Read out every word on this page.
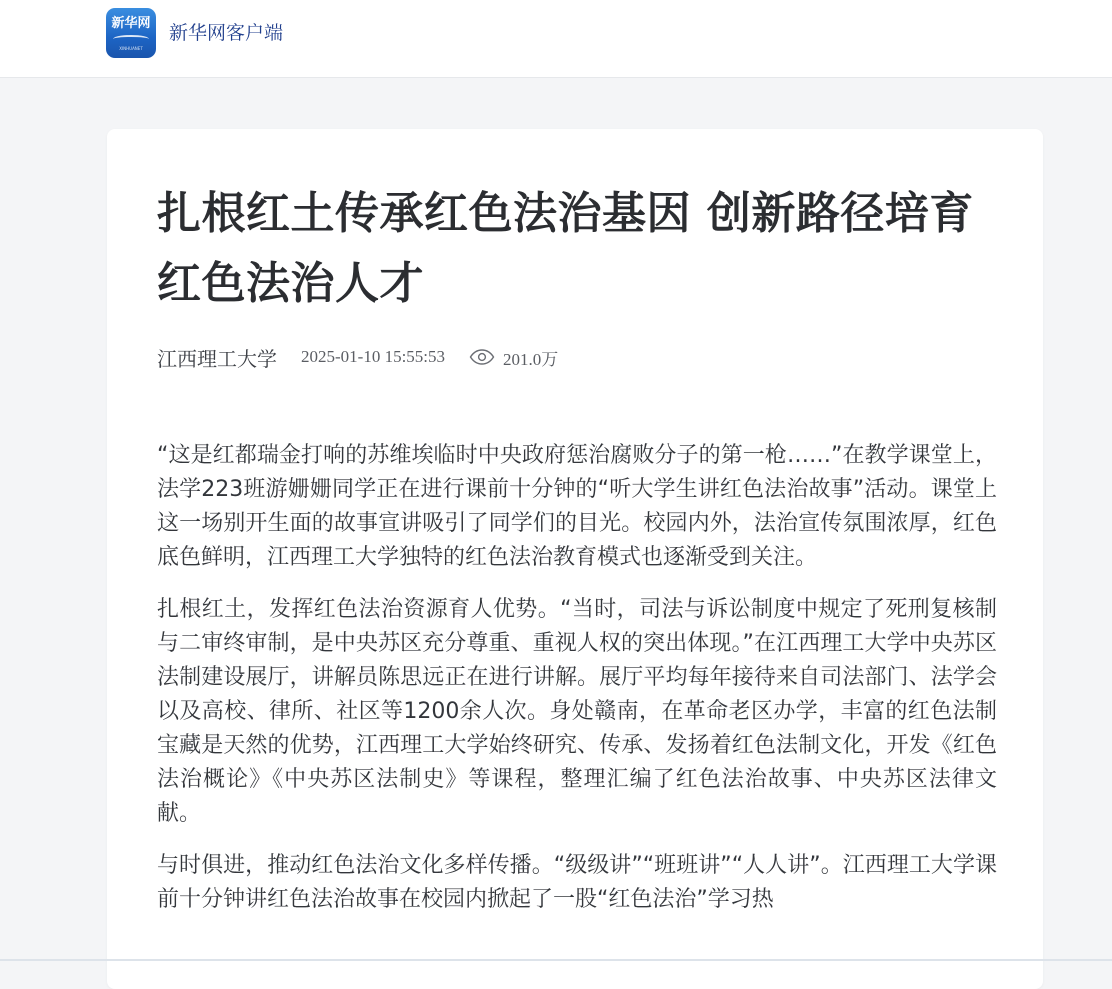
新华网
XINHUANET
新华网客户端
扎根红土传承红色法治基因 创新路径培育红色法治人才
江西理工大学 2025-01-10 15:55:53	201.0万

“这是红都瑞金打响的苏维埃临时中央政府惩治腐败分子的第一枪……”在教学课堂上，法学223班游姗姗同学正在进行课前十分钟的“听大学生讲红色法治故事”活动。课堂上这一场别开生面的故事宣讲吸引了同学们的目光。校园内外，法治宣传氛围浓厚，红色底色鲜明，江西理工大学独特的红色法治教育模式也逐渐受到关注。

扎根红土，发挥红色法治资源育人优势。“当时，司法与诉讼制度中规定了死刑复核制与二审终审制，是中央苏区充分尊重、重视人权的突出体现。”在江西理工大学中央苏区法制建设展厅，讲解员陈思远正在进行讲解。展厅平均每年接待来自司法部门、法学会以及高校、律所、社区等1200余人次。身处赣南，在革命老区办学，丰富的红色法制宝藏是天然的优势，江西理工大学始终研究、传承、发扬着红色法制文化，开发《红色法治概论》《中央苏区法制史》等课程，整理汇编了红色法治故事、中央苏区法律文献。

与时俱进，推动红色法治文化多样传播。“级级讲”“班班讲”“人人讲”。江西理工大学课前十分钟讲红色法治故事在校园内掀起了一股“红色法治”学习热
